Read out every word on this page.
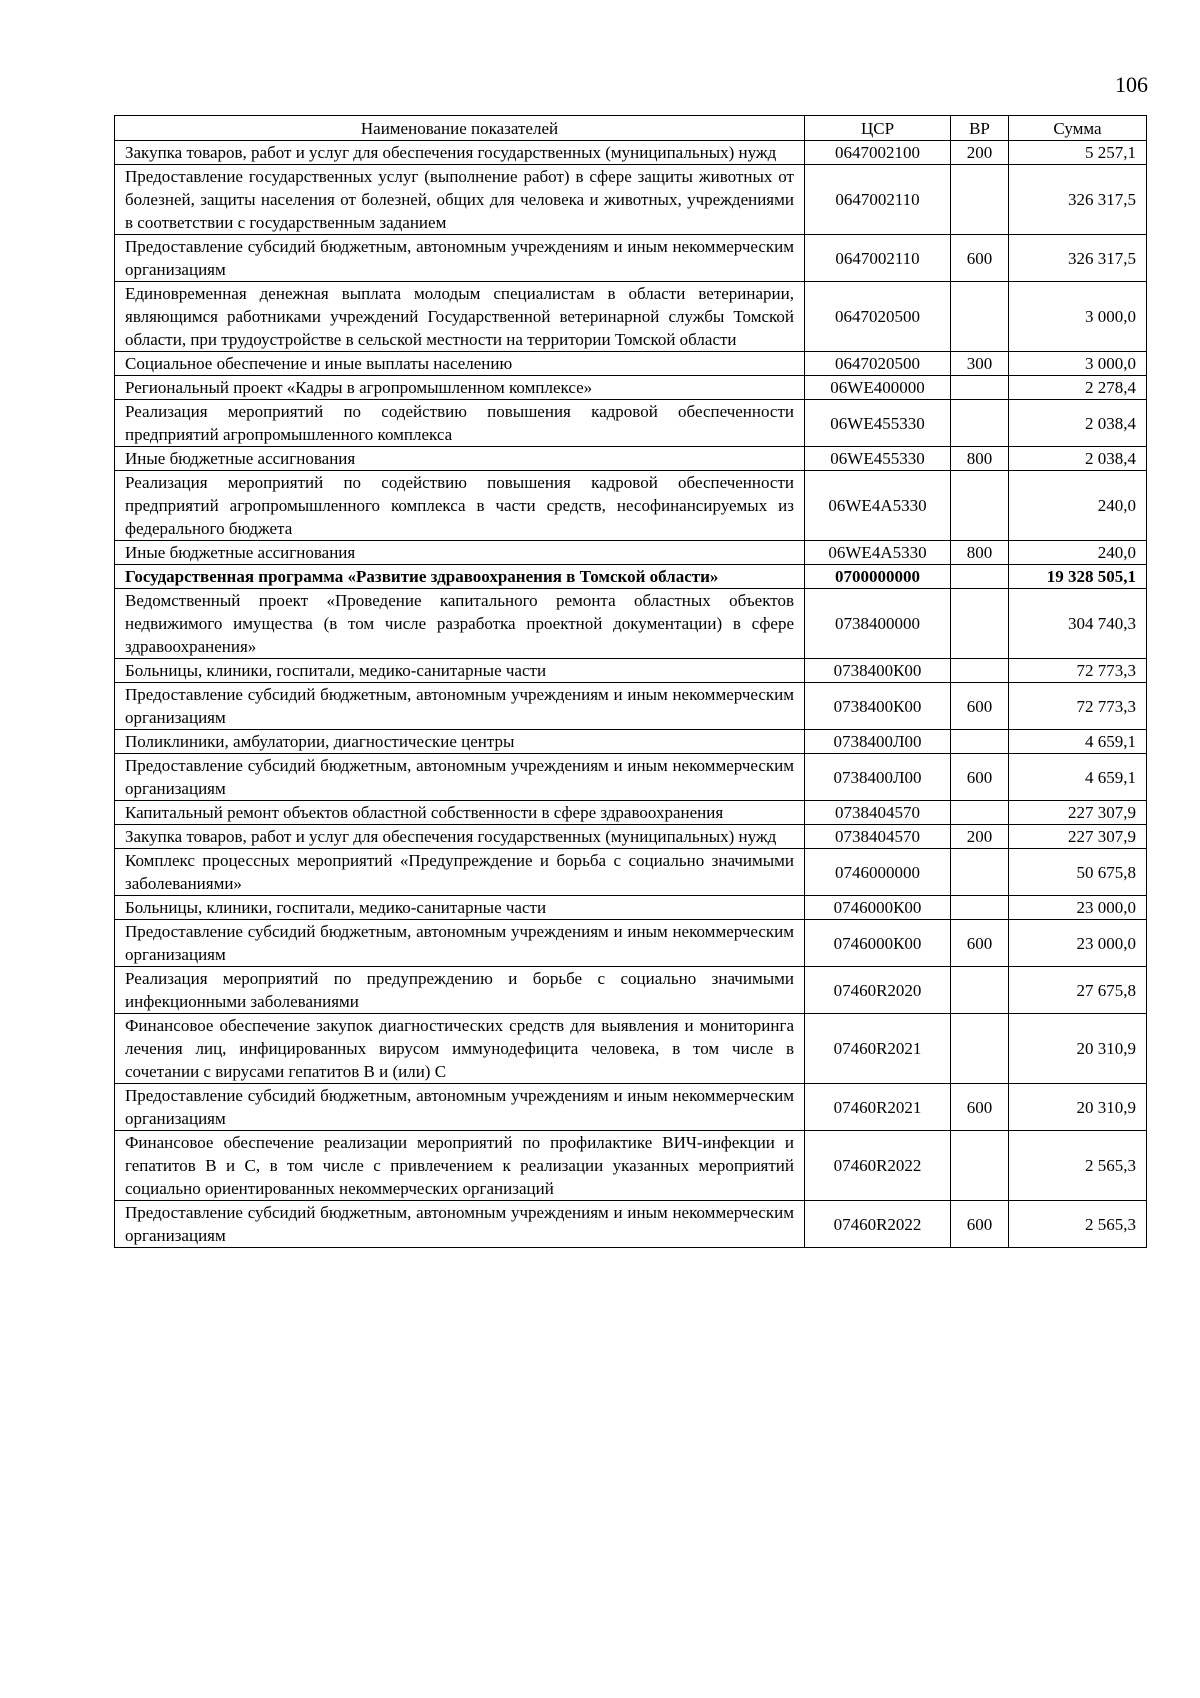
106
Наименование показателей	ЦСР	ВР	Сумма
Закупка товаров, работ и услуг для обеспечения государственных (муниципальных) нужд	0647002100	200	5 257,1
Предоставление государственных услуг (выполнение работ) в сфере защиты животных от болезней, защиты населения от болезней, общих для человека и животных, учреждениями в соответствии с государственным заданием	0647002110		326 317,5
Предоставление субсидий бюджетным, автономным учреждениям и иным некоммерческим организациям	0647002110	600	326 317,5
Единовременная денежная выплата молодым специалистам в области ветеринарии, являющимся работниками учреждений Государственной ветеринарной службы Томской области, при трудоустройстве в сельской местности на территории Томской области	0647020500		3 000,0
Социальное обеспечение и иные выплаты населению	0647020500	300	3 000,0
Региональный проект «Кадры в агропромышленном комплексе»	06WE400000		2 278,4
Реализация мероприятий по содействию повышения кадровой обеспеченности предприятий агропромышленного комплекса	06WE455330		2 038,4
Иные бюджетные ассигнования	06WE455330	800	2 038,4
Реализация мероприятий по содействию повышения кадровой обеспеченности предприятий агропромышленного комплекса в части средств, несофинансируемых из федерального бюджета	06WE4A5330		240,0
Иные бюджетные ассигнования	06WE4A5330	800	240,0
Государственная программа «Развитие здравоохранения в Томской области»	0700000000		19 328 505,1
Ведомственный проект «Проведение капитального ремонта областных объектов недвижимого имущества (в том числе разработка проектной документации) в сфере здравоохранения»	0738400000		304 740,3
Больницы, клиники, госпитали, медико-санитарные части	0738400К00		72 773,3
Предоставление субсидий бюджетным, автономным учреждениям и иным некоммерческим организациям	0738400К00	600	72 773,3
Поликлиники, амбулатории, диагностические центры	0738400Л00		4 659,1
Предоставление субсидий бюджетным, автономным учреждениям и иным некоммерческим организациям	0738400Л00	600	4 659,1
Капитальный ремонт объектов областной собственности в сфере здравоохранения	0738404570		227 307,9
Закупка товаров, работ и услуг для обеспечения государственных (муниципальных) нужд	0738404570	200	227 307,9
Комплекс процессных мероприятий «Предупреждение и борьба с социально значимыми заболеваниями»	0746000000		50 675,8
Больницы, клиники, госпитали, медико-санитарные части	0746000К00		23 000,0
Предоставление субсидий бюджетным, автономным учреждениям и иным некоммерческим организациям	0746000К00	600	23 000,0
Реализация мероприятий по предупреждению и борьбе с социально значимыми инфекционными заболеваниями	07460R2020		27 675,8
Финансовое обеспечение закупок диагностических средств для выявления и мониторинга лечения лиц, инфицированных вирусом иммунодефицита человека, в том числе в сочетании с вирусами гепатитов В и (или) С	07460R2021		20 310,9
Предоставление субсидий бюджетным, автономным учреждениям и иным некоммерческим организациям	07460R2021	600	20 310,9
Финансовое обеспечение реализации мероприятий по профилактике ВИЧ-инфекции и гепатитов В и С, в том числе с привлечением к реализации указанных мероприятий социально ориентированных некоммерческих организаций	07460R2022		2 565,3
Предоставление субсидий бюджетным, автономным учреждениям и иным некоммерческим организациям	07460R2022	600	2 565,3
